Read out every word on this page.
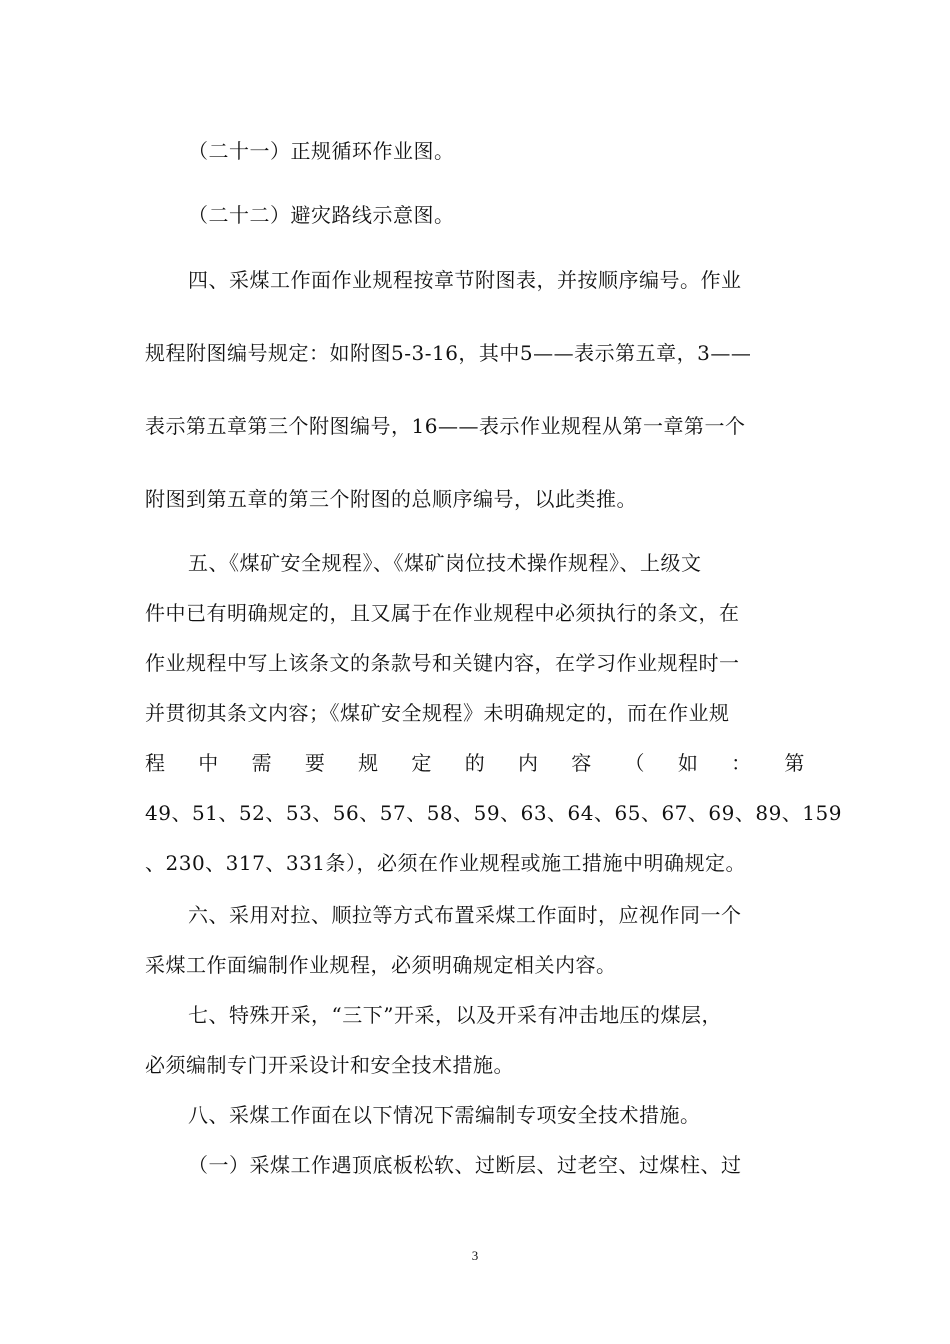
（二十一）正规循环作业图。
（二十二）避灾路线示意图。
四、采煤工作面作业规程按章节附图表，并按顺序编号。作业
规程附图编号规定：如附图5-3-16，其中5——表示第五章，3——
表示第五章第三个附图编号，16——表示作业规程从第一章第一个
附图到第五章的第三个附图的总顺序编号，以此类推。
五、《煤矿安全规程》、《煤矿岗位技术操作规程》、上级文
件中已有明确规定的，且又属于在作业规程中必须执行的条文，在
作业规程中写上该条文的条款号和关键内容，在学习作业规程时一
并贯彻其条文内容；《煤矿安全规程》未明确规定的，而在作业规
程 中 需 要 规 定 的 内 容 （ 如 ： 第
49、51、52、53、56、57、58、59、63、64、65、67、69、89、159
、230、317、331条），必须在作业规程或施工措施中明确规定。
六、采用对拉、顺拉等方式布置采煤工作面时，应视作同一个
采煤工作面编制作业规程，必须明确规定相关内容。
七、特殊开采，“三下”开采，以及开采有冲击地压的煤层，
必须编制专门开采设计和安全技术措施。
八、采煤工作面在以下情况下需编制专项安全技术措施。
（一）采煤工作遇顶底板松软、过断层、过老空、过煤柱、过
3
